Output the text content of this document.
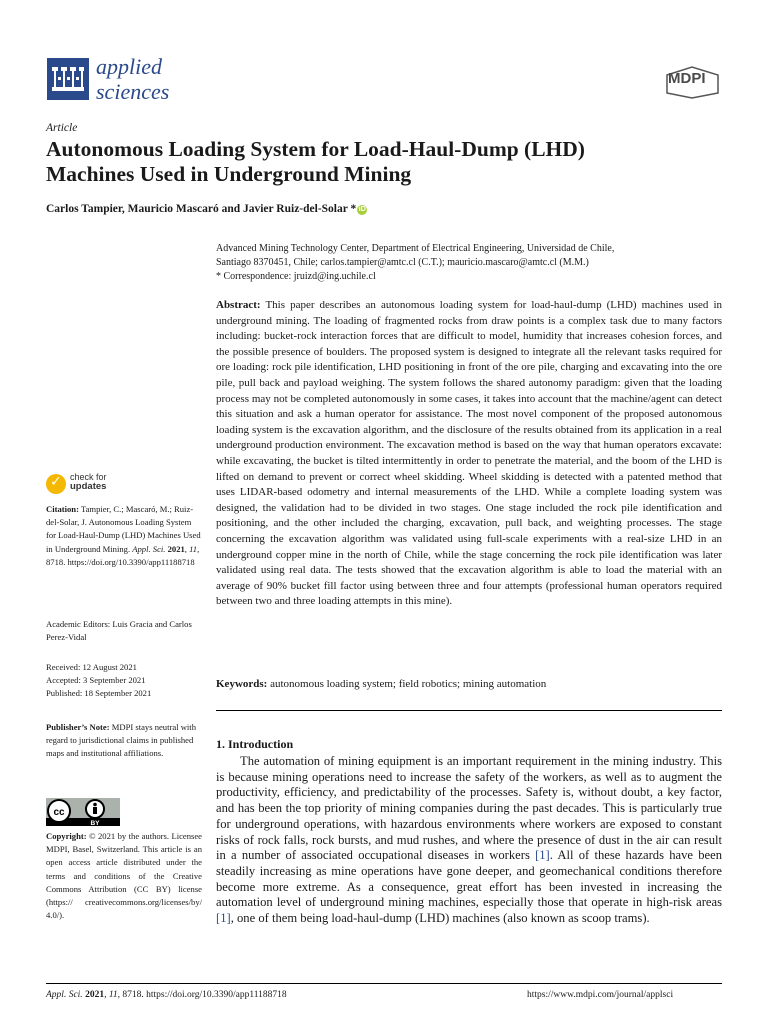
applied
sciences
MDPI
Article
Autonomous Loading System for Load-Haul-Dump (LHD)
Machines Used in Underground Mining
Carlos Tampier, Mauricio Mascaró and Javier Ruiz-del-Solar * iD
Advanced Mining Technology Center, Department of Electrical Engineering, Universidad de Chile,
Santiago 8370451, Chile; carlos.tampier@amtc.cl (C.T.); mauricio.mascaro@amtc.cl (M.M.)
* Correspondence: jruizd@ing.uchile.cl
Abstract: This paper describes an autonomous loading system for load-haul-dump (LHD) machines used in underground mining. The loading of fragmented rocks from draw points is a complex task due to many factors including: bucket-rock interaction forces that are difficult to model, humidity that increases cohesion forces, and the possible presence of boulders. The proposed system is designed to integrate all the relevant tasks required for ore loading: rock pile identification, LHD positioning in front of the ore pile, charging and excavating into the ore pile, pull back and payload weighing. The system follows the shared autonomy paradigm: given that the loading process may not be completed autonomously in some cases, it takes into account that the machine/agent can detect this situation and ask a human operator for assistance. The most novel component of the proposed autonomous loading system is the excavation algorithm, and the disclosure of the results obtained from its application in a real underground production environment. The excavation method is based on the way that human operators excavate: while excavating, the bucket is tilted intermittently in order to penetrate the material, and the boom of the LHD is lifted on demand to prevent or correct wheel skidding. Wheel skidding is detected with a patented method that uses LIDAR-based odometry and internal measurements of the LHD. While a complete loading system was designed, the validation had to be divided in two stages. One stage included the rock pile identification and positioning, and the other included the charging, excavation, pull back, and weighting processes. The stage concerning the excavation algorithm was validated using full-scale experiments with a real-size LHD in an underground copper mine in the north of Chile, while the stage concerning the rock pile identification was later validated using real data. The tests showed that the excavation algorithm is able to load the material with an average of 90% bucket fill factor using between three and four attempts (professional human operators required between two and three loading attempts in this mine).
Keywords: autonomous loading system; field robotics; mining automation
1. Introduction
The automation of mining equipment is an important requirement in the mining industry. This is because mining operations need to increase the safety of the workers, as well as to augment the productivity, efficiency, and predictability of the processes. Safety is, without doubt, a key factor, and has been the top priority of mining companies during the past decades. This is particularly true for underground operations, with hazardous environments where workers are exposed to constant risks of rock falls, rock bursts, and mud rushes, and where the presence of dust in the air can result in a number of associated occupational diseases in workers [1]. All of these hazards have been steadily increasing as mine operations have gone deeper, and geomechanical conditions therefore become more extreme. As a consequence, great effort has been invested in increasing the automation level of underground mining machines, especially those that operate in high-risk areas [1], one of them being load-haul-dump (LHD) machines (also known as scoop trams).
✓ check for
updates
Citation: Tampier, C.; Mascaró, M.; Ruiz-del-Solar, J. Autonomous Loading System for Load-Haul-Dump (LHD) Machines Used in Underground Mining. Appl. Sci. 2021, 11, 8718. https://doi.org/10.3390/app11188718
Academic Editors: Luis Gracia and Carlos Perez-Vidal
Received: 12 August 2021
Accepted: 3 September 2021
Published: 18 September 2021
Publisher’s Note: MDPI stays neutral with regard to jurisdictional claims in published maps and institutional affiliations.
cc
BY
Copyright: © 2021 by the authors. Licensee MDPI, Basel, Switzerland. This article is an open access article distributed under the terms and conditions of the Creative Commons Attribution (CC BY) license (https:// creativecommons.org/licenses/by/ 4.0/).
Appl. Sci. 2021, 11, 8718. https://doi.org/10.3390/app11188718	https://www.mdpi.com/journal/applsci
